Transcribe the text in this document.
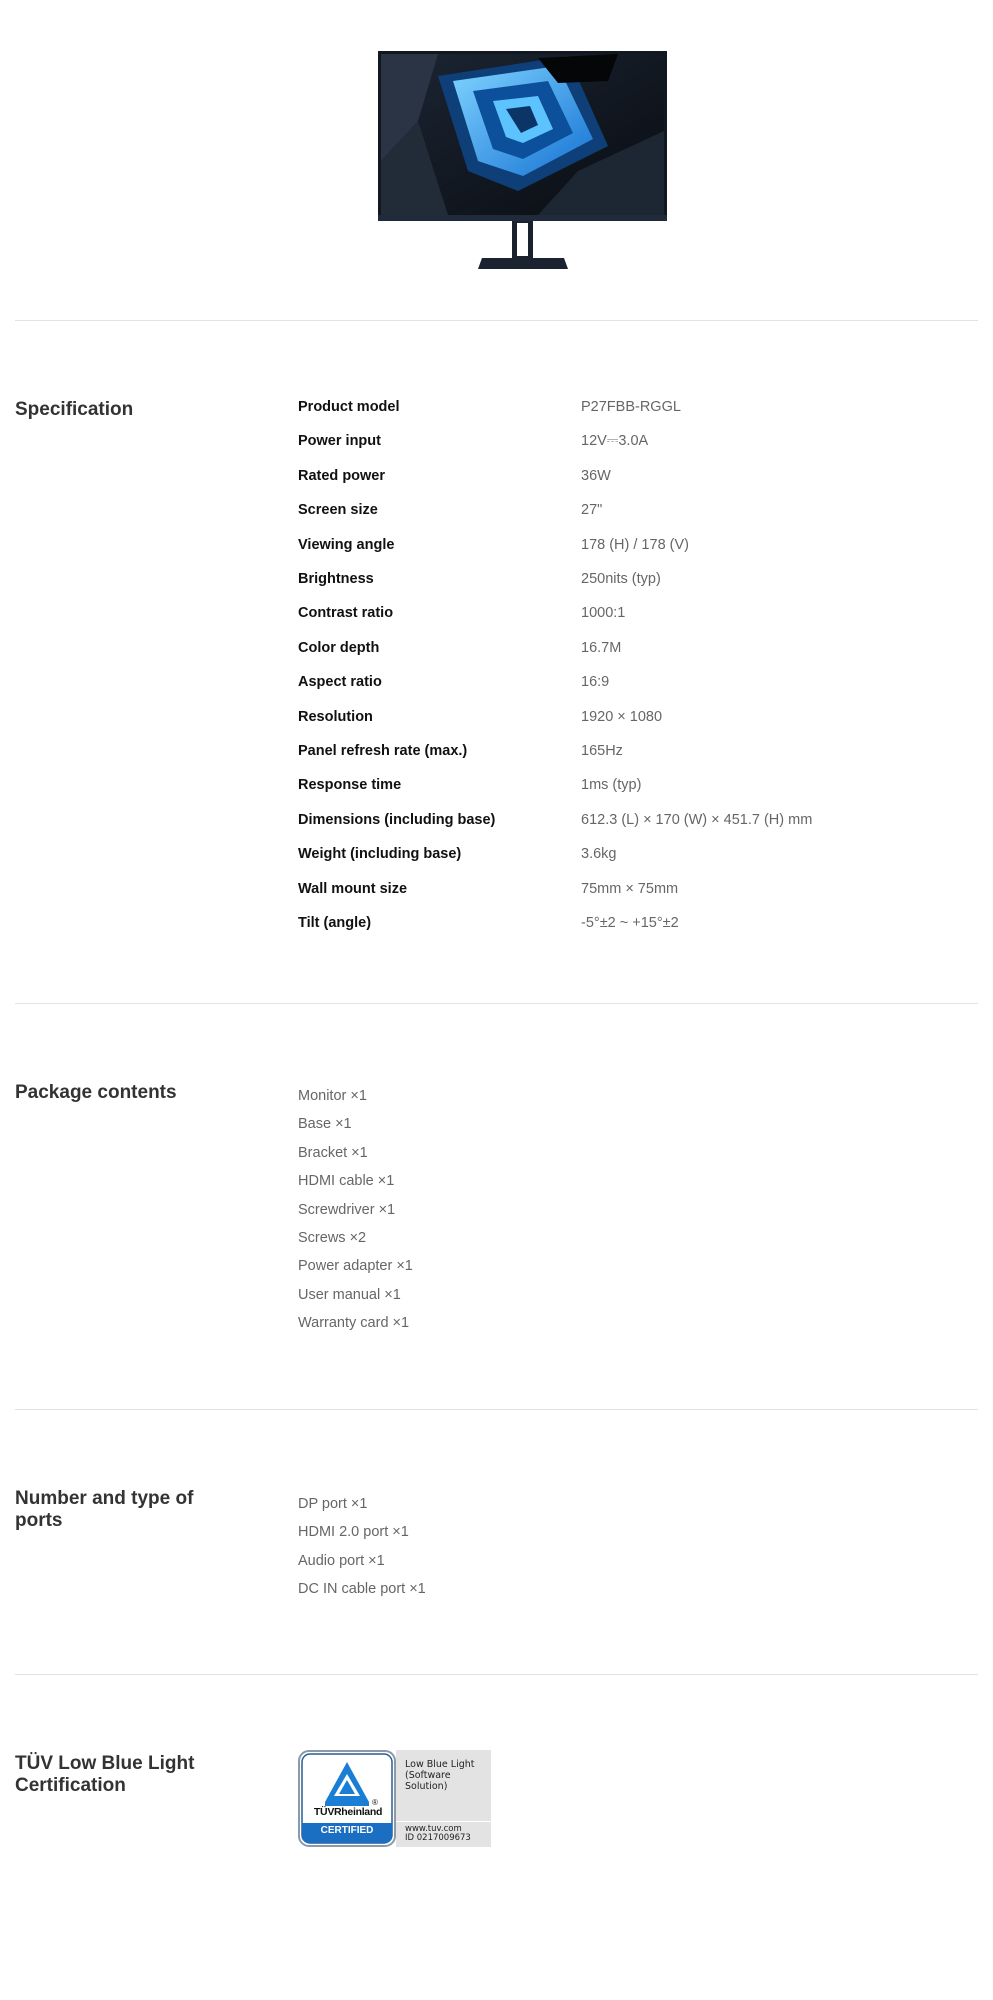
Specification	Product model	P27FBB-RGGL
Power input	12V⎓3.0A
Rated power	36W
Screen size	27"
Viewing angle	178 (H) / 178 (V)
Brightness	250nits (typ)
Contrast ratio	1000:1
Color depth	16.7M
Aspect ratio	16:9
Resolution	1920 × 1080
Panel refresh rate (max.)	165Hz
Response time	1ms (typ)
Dimensions (including base)	612.3 (L) × 170 (W) × 451.7 (H) mm
Weight (including base)	3.6kg
Wall mount size	75mm × 75mm
Tilt (angle)	-5°±2 ~ +15°±2
Package contents	Monitor ×1
Base ×1
Bracket ×1
HDMI cable ×1
Screwdriver ×1
Screws ×2
Power adapter ×1
User manual ×1
Warranty card ×1
Number and type of ports
DP port ×1
HDMI 2.0 port ×1
Audio port ×1
DC IN cable port ×1
TÜV Low Blue Light Certification
TÜVRheinland
®
CERTIFIED
Low Blue Light
(Software
Solution)
www.tuv.com
ID 0217009673
